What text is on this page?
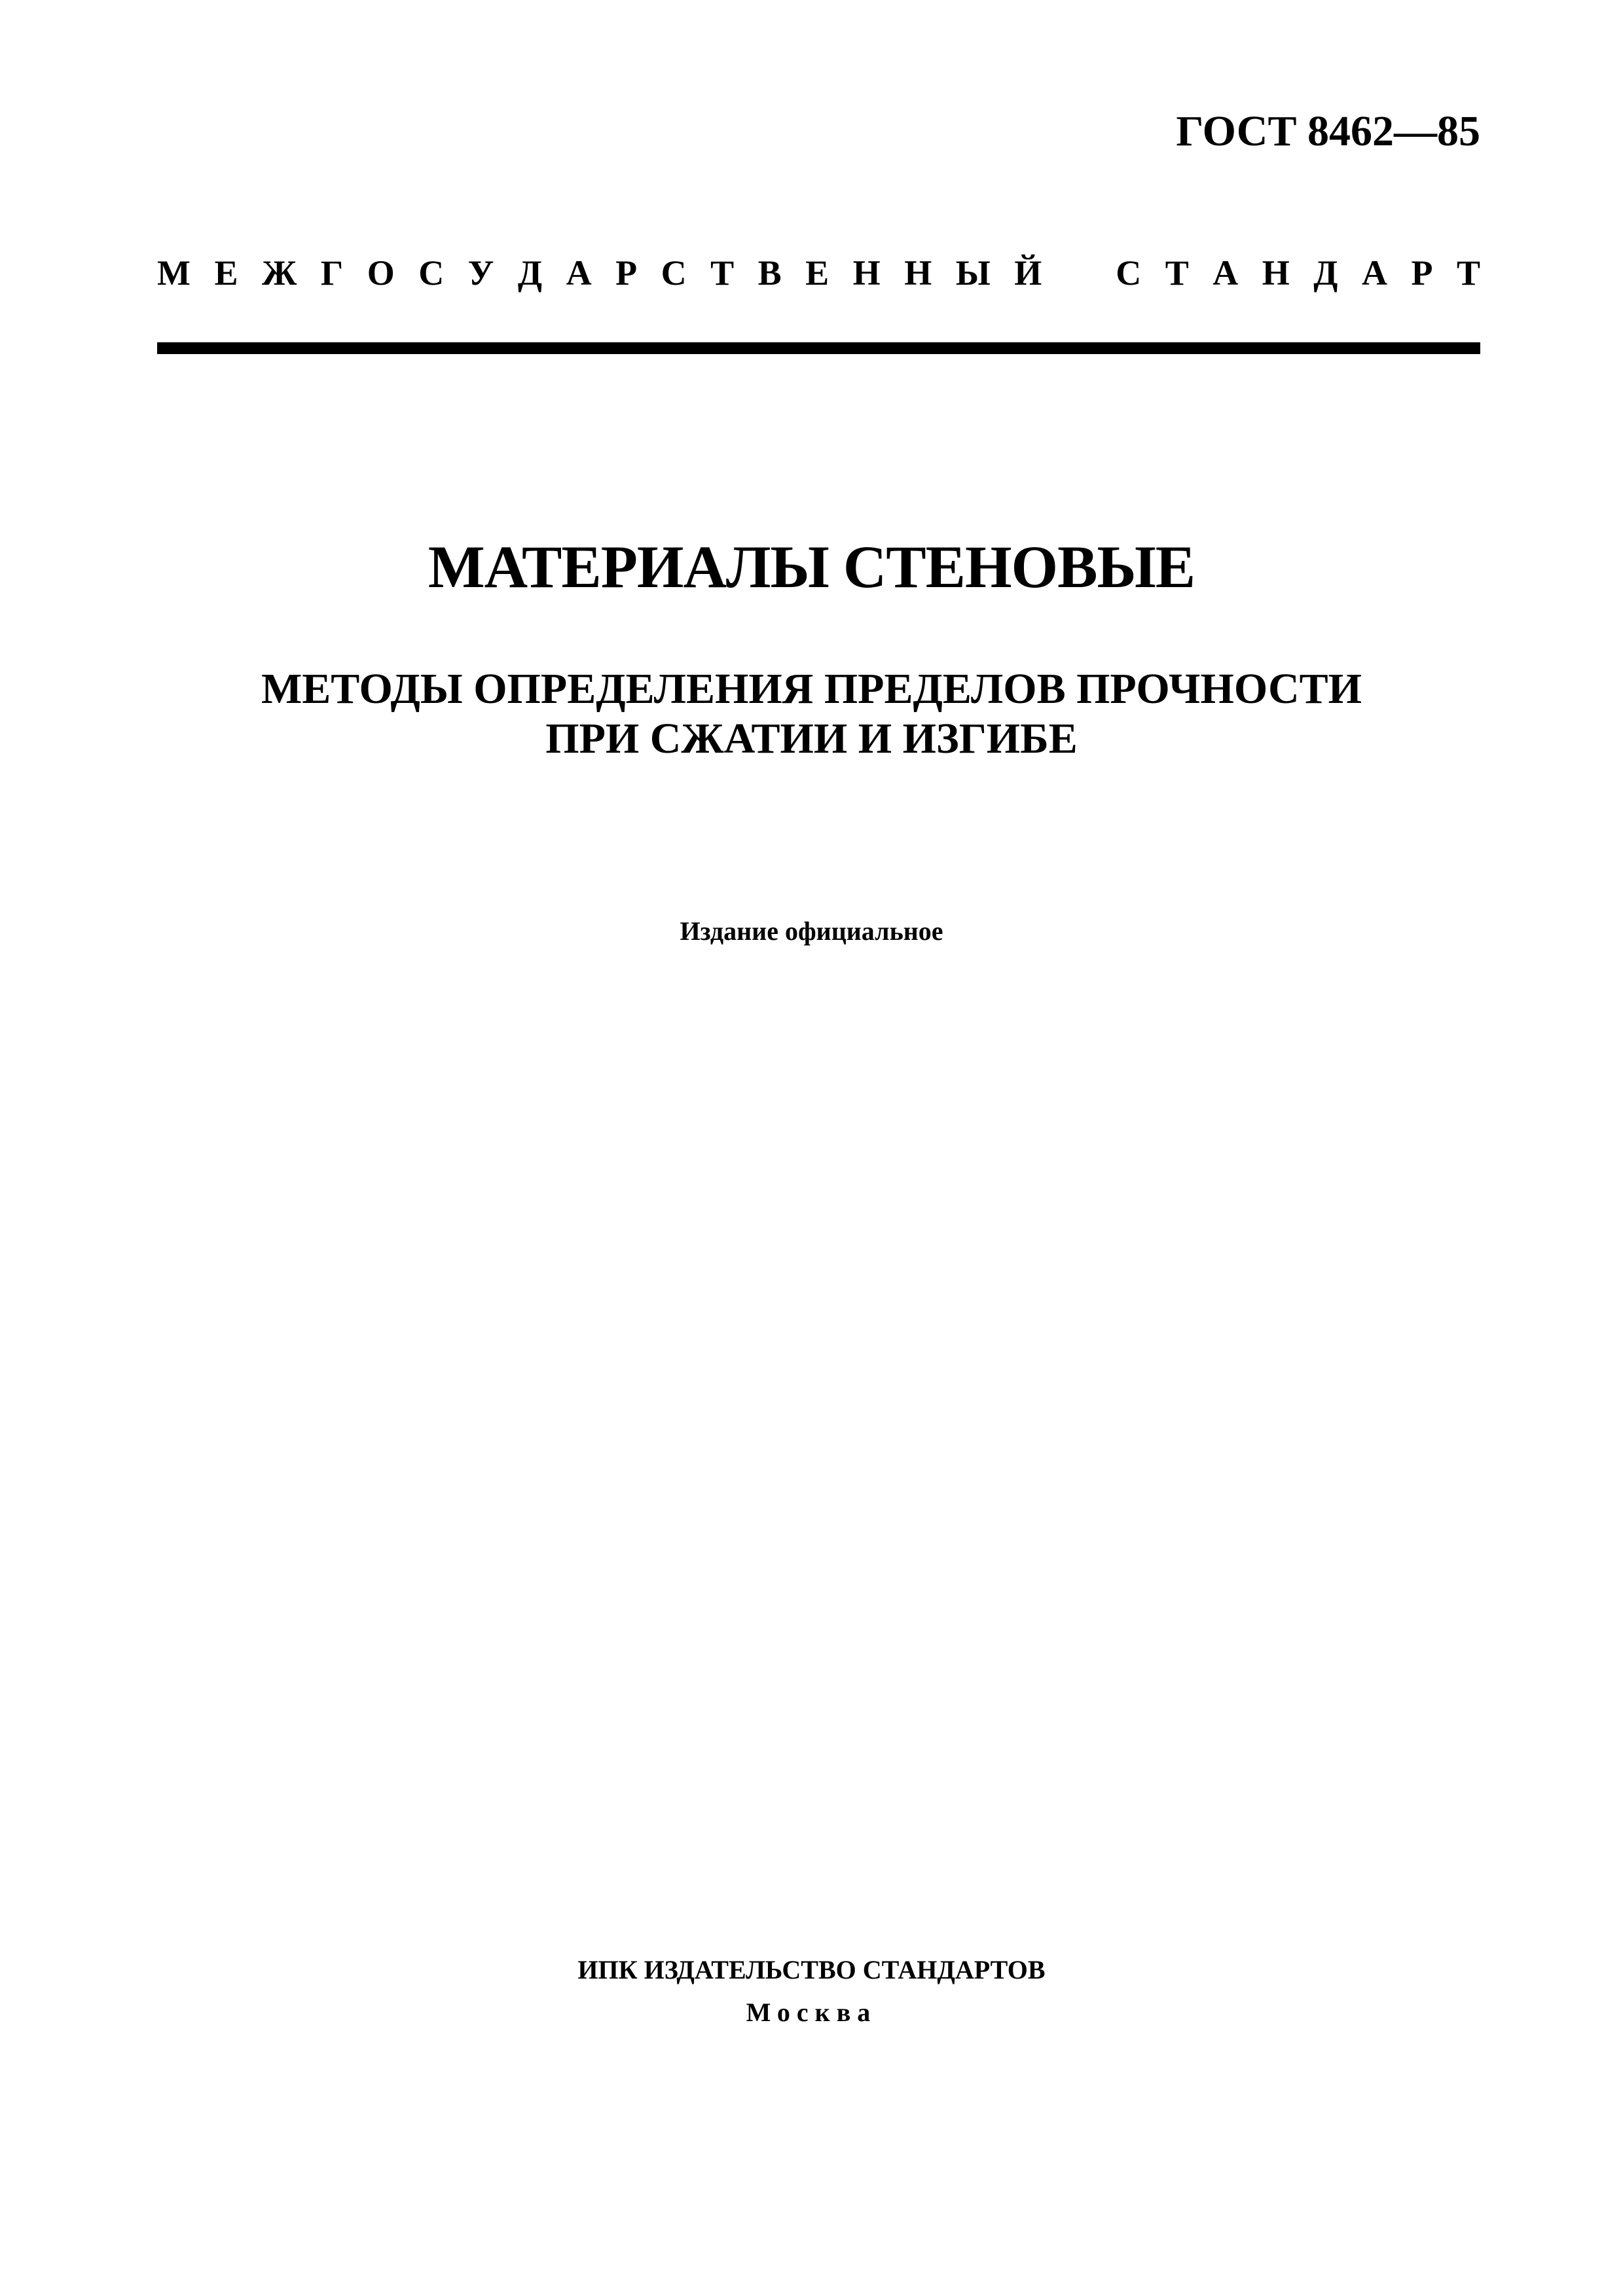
ГОСТ 8462—85
М Е Ж Г О С У Д А Р С Т В Е Н Н Ы Й С Т А Н Д А Р Т
МАТЕРИАЛЫ СТЕНОВЫЕ
МЕТОДЫ ОПРЕДЕЛЕНИЯ ПРЕДЕЛОВ ПРОЧНОСТИ
ПРИ СЖАТИИ И ИЗГИБЕ
Издание официальное
ИПК ИЗДАТЕЛЬСТВО СТАНДАРТОВ
Москва
